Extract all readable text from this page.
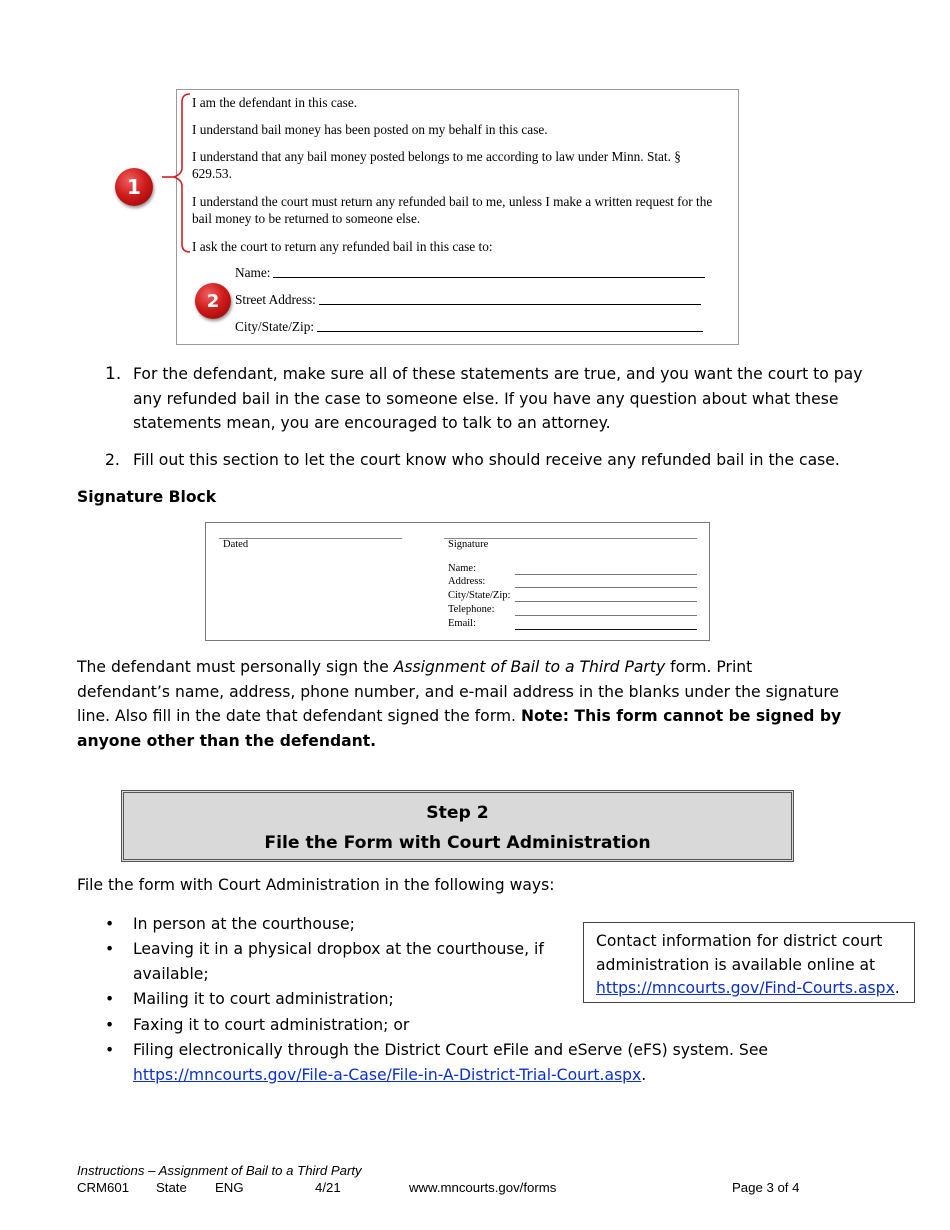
I am the defendant in this case.
I understand bail money has been posted on my behalf in this case.
I understand that any bail money posted belongs to me according to law under Minn. Stat. § 629.53.
I understand the court must return any refunded bail to me, unless I make a written request for the bail money to be returned to someone else.
I ask the court to return any refunded bail in this case to:
Name:
Street Address:
City/State/Zip:
1
2
1. For the defendant, make sure all of these statements are true, and you want the court to pay any refunded bail in the case to someone else. If you have any question about what these statements mean, you are encouraged to talk to an attorney.
2. Fill out this section to let the court know who should receive any refunded bail in the case.
Signature Block
Dated	Signature
Name:
Address:
City/State/Zip:
Telephone:
Email:
The defendant must personally sign the Assignment of Bail to a Third Party form. Print defendant’s name, address, phone number, and e-mail address in the blanks under the signature line. Also fill in the date that defendant signed the form. Note: This form cannot be signed by anyone other than the defendant.
Step 2
File the Form with Court Administration
File the form with Court Administration in the following ways:
• In person at the courthouse;
• Leaving it in a physical dropbox at the courthouse, if available;
• Mailing it to court administration;
• Faxing it to court administration; or
• Filing electronically through the District Court eFile and eServe (eFS) system. See
https://mncourts.gov/File-a-Case/File-in-A-District-Trial-Court.aspx.
Contact information for district court administration is available online at https://mncourts.gov/Find-Courts.aspx.
Instructions – Assignment of Bail to a Third Party
CRM601 State ENG	4/21	www.mncourts.gov/forms	Page 3 of 4
